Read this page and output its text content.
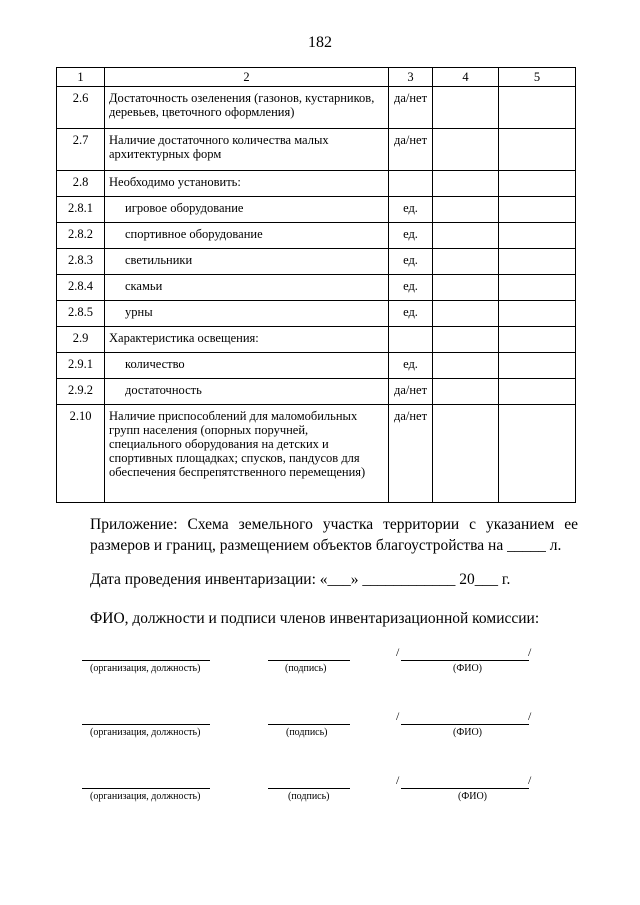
182
1	2	3	4	5
2.6	Достаточность озеленения (газонов, кустарников, деревьев, цветочного оформления)	да/нет		
2.7	Наличие достаточного количества малых архитектурных форм	да/нет		
2.8	Необходимо установить:			
2.8.1	игровое оборудование	ед.		
2.8.2	спортивное оборудование	ед.		
2.8.3	светильники	ед.		
2.8.4	скамьи	ед.		
2.8.5	урны	ед.		
2.9	Характеристика освещения:			
2.9.1	количество	ед.		
2.9.2	достаточность	да/нет		
2.10	Наличие приспособлений для маломобильных групп населения (опорных поручней, специального оборудования на детских и спортивных площадках; спусков, пандусов для обеспечения беспрепятственного перемещения)	да/нет		
Приложение: Схема земельного участка территории с указанием ее размеров и границ, размещением объектов благоустройства на _____ л.
Дата проведения инвентаризации: «___» ____________ 20___ г.
ФИО, должности и подписи членов инвентаризационной комиссии:
(организация, должность)	(подпись)
/	/
(ФИО)
(организация, должность)	(подпись)
/	/
(ФИО)
(организация, должность)	(подпись)
/	/
(ФИО)
